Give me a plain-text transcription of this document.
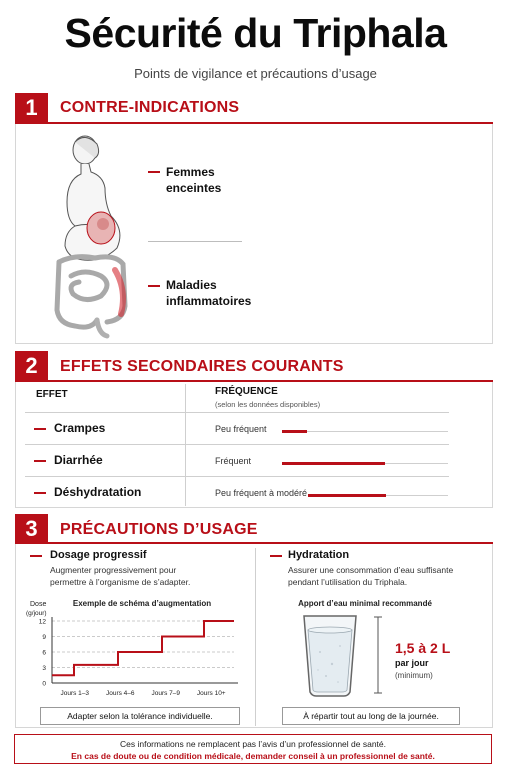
Sécurité du Triphala
Points de vigilance et précautions d’usage
1	CONTRE-INDICATIONS
Femmes
enceintes
Maladies
inflammatoires
2	EFFETS SECONDAIRES COURANTS
EFFET	FRÉQUENCE
(selon les données disponibles)
Crampes	Peu fréquent
Diarrhée	Fréquent
Déshydratation	Peu fréquent à modéré
3	PRÉCAUTIONS D’USAGE
Dosage progressif
Augmenter progressivement pour
permettre à l’organisme de s’adapter.
Exemple de schéma d’augmentation
Dose
(g/jour)
0
3
6
9
12
Jours 1–3	Jours 4–6	Jours 7–9	Jours 10+
Adapter selon la tolérance individuelle.
Hydratation
Assurer une consommation d’eau suffisante
pendant l’utilisation du Triphala.
Apport d’eau minimal recommandé
1,5 à 2 L
par jour
(minimum)
À répartir tout au long de la journée.
Ces informations ne remplacent pas l’avis d’un professionnel de santé.
En cas de doute ou de condition médicale, demander conseil à un professionnel de santé.
